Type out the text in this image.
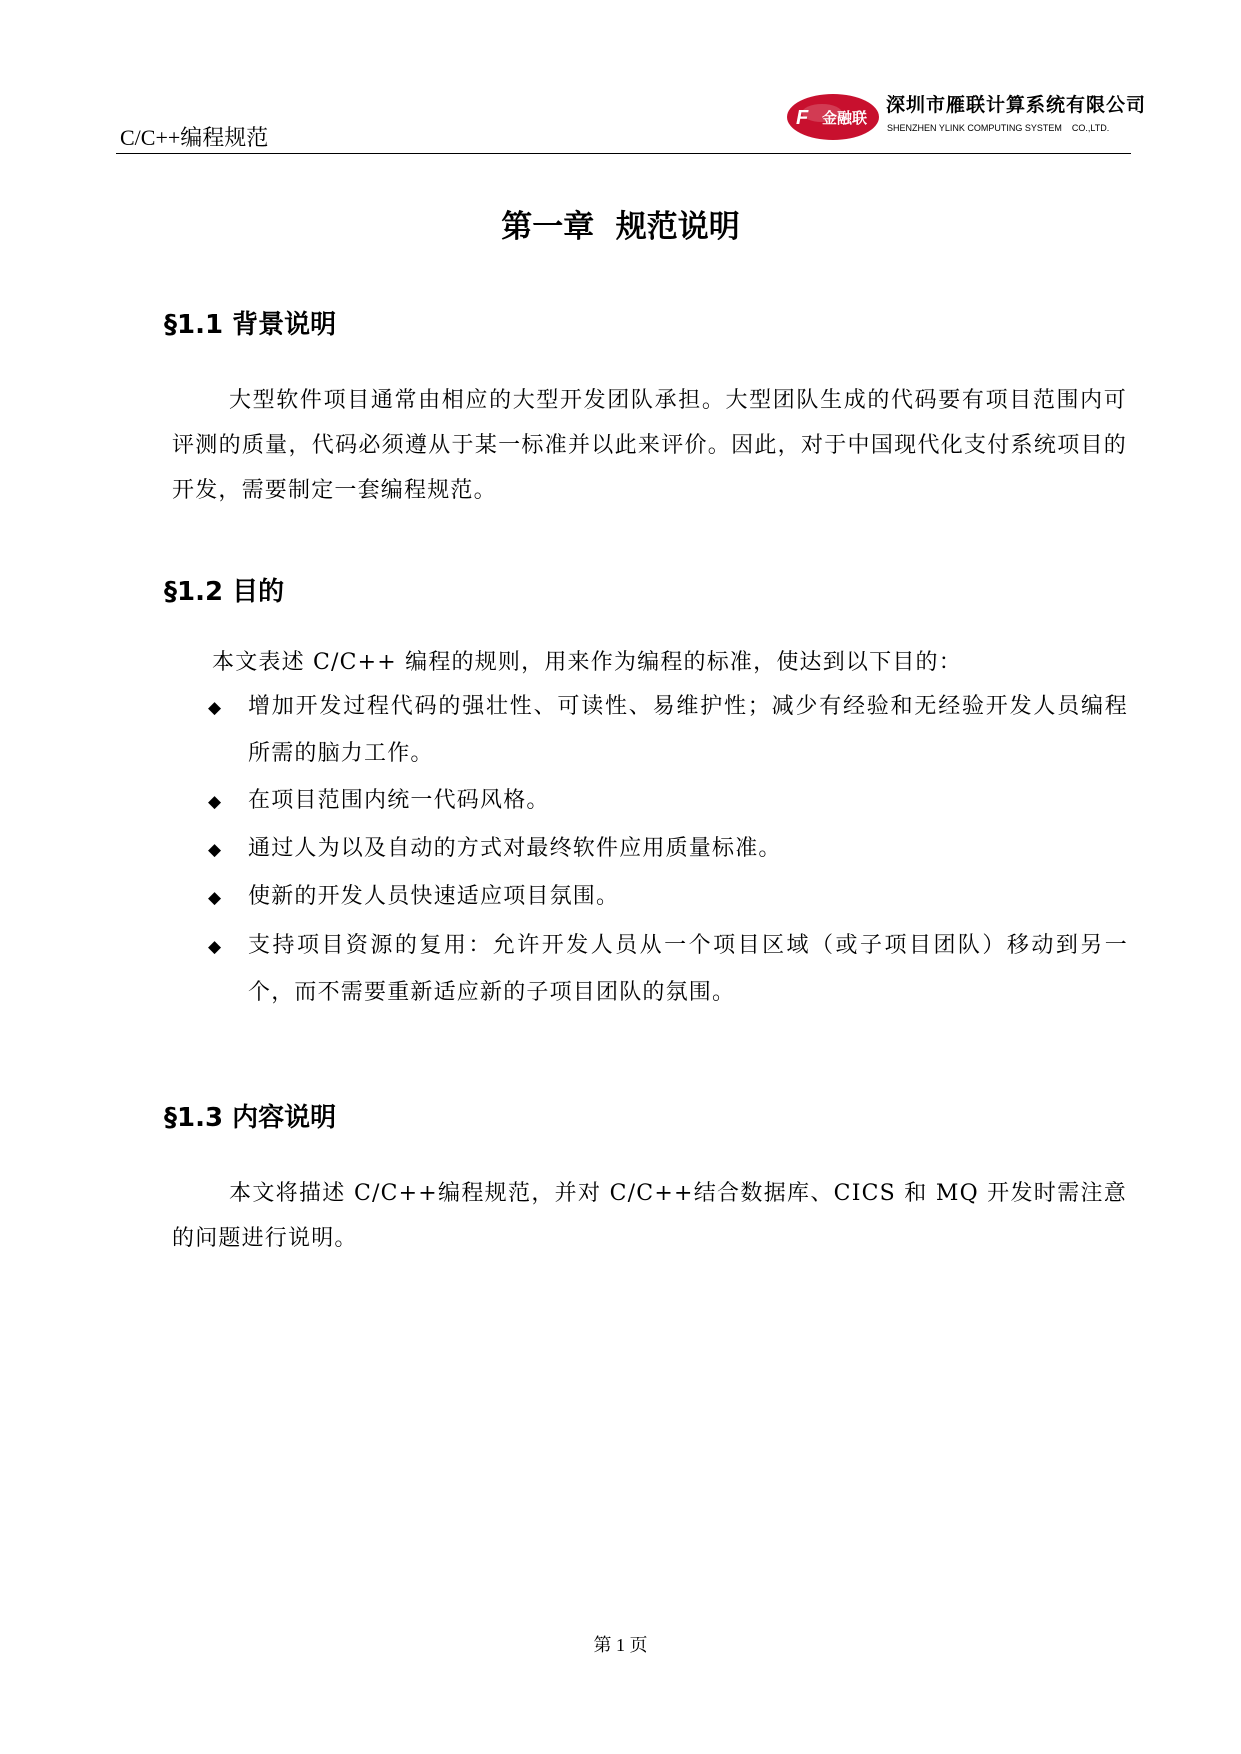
C/C++编程规范
F 金融联
深圳市雁联计算系统有限公司
SHENZHEN YLINK COMPUTING SYSTEM    CO.,LTD.
第一章  规范说明
§1.1 背景说明

大型软件项目通常由相应的大型开发团队承担。大型团队生成的代码要有项目范围内可评测的质量，代码必须遵从于某一标准并以此来评价。因此，对于中国现代化支付系统项目的开发，需要制定一套编程规范。

§1.2 目的
本文表述 C/C++ 编程的规则，用来作为编程的标准，使达到以下目的：
◆ 增加开发过程代码的强壮性、可读性、易维护性；减少有经验和无经验开发人员编程所需的脑力工作。
◆ 在项目范围内统一代码风格。
◆ 通过人为以及自动的方式对最终软件应用质量标准。
◆ 使新的开发人员快速适应项目氛围。
◆ 支持项目资源的复用：允许开发人员从一个项目区域（或子项目团队）移动到另一个，而不需要重新适应新的子项目团队的氛围。
§1.3 内容说明

本文将描述 C/C++编程规范，并对 C/C++结合数据库、CICS 和 MQ 开发时需注意的问题进行说明。

第 1 页
